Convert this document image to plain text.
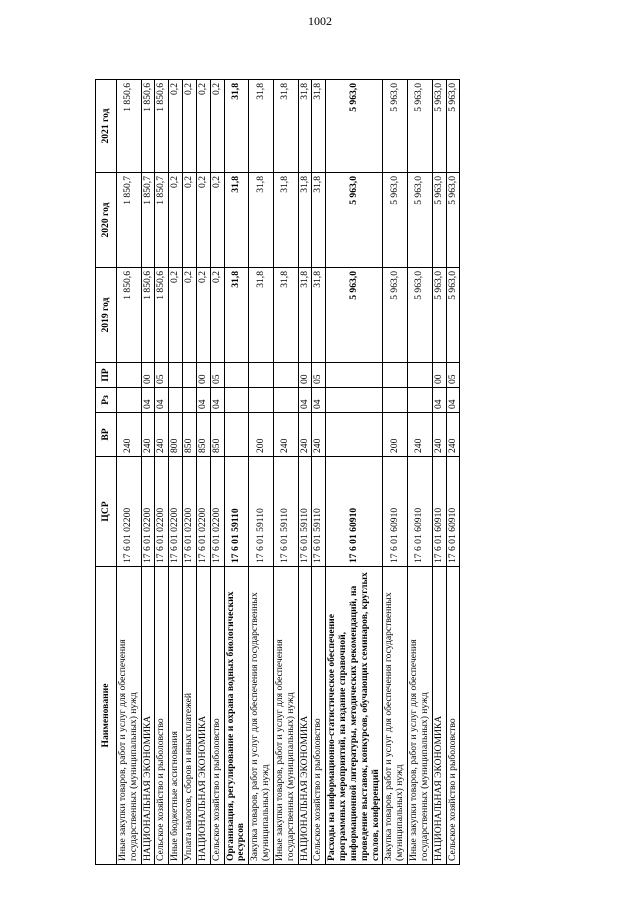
1002
Наименование	ЦСР	ВР	Рз	ПР	2019 год	2020 год	2021 год
Иные закупки товаров, работ и услуг для обеспечения государственных (муниципальных) нужд	17 6 01 02200	240			1 850,6	1 850,7	1 850,6
НАЦИОНАЛЬНАЯ ЭКОНОМИКА	17 6 01 02200	240	04	00	1 850,6	1 850,7	1 850,6
Сельское хозяйство и рыболовство	17 6 01 02200	240	04	05	1 850,6	1 850,7	1 850,6
Иные бюджетные ассигнования	17 6 01 02200	800			0,2	0,2	0,2
Уплата налогов, сборов и иных платежей	17 6 01 02200	850			0,2	0,2	0,2
НАЦИОНАЛЬНАЯ ЭКОНОМИКА	17 6 01 02200	850	04	00	0,2	0,2	0,2
Сельское хозяйство и рыболовство	17 6 01 02200	850	04	05	0,2	0,2	0,2
Организация, регулирование и охрана водных биологических ресурсов	17 6 01 59110				31,8	31,8	31,8
Закупка товаров, работ и услуг для обеспечения государственных (муниципальных) нужд	17 6 01 59110	200			31,8	31,8	31,8
Иные закупки товаров, работ и услуг для обеспечения государственных (муниципальных) нужд	17 6 01 59110	240			31,8	31,8	31,8
НАЦИОНАЛЬНАЯ ЭКОНОМИКА	17 6 01 59110	240	04	00	31,8	31,8	31,8
Сельское хозяйство и рыболовство	17 6 01 59110	240	04	05	31,8	31,8	31,8
Расходы на информационно-статистическое обеспечение программных мероприятий, на издание справочной, информационной литературы, методических рекомендаций, на проведение выставок, конкурсов, обучающих семинаров, круглых столов, конференций	17 6 01 60910				5 963,0	5 963,0	5 963,0
Закупка товаров, работ и услуг для обеспечения государственных (муниципальных) нужд	17 6 01 60910	200			5 963,0	5 963,0	5 963,0
Иные закупки товаров, работ и услуг для обеспечения государственных (муниципальных) нужд	17 6 01 60910	240			5 963,0	5 963,0	5 963,0
НАЦИОНАЛЬНАЯ ЭКОНОМИКА	17 6 01 60910	240	04	00	5 963,0	5 963,0	5 963,0
Сельское хозяйство и рыболовство	17 6 01 60910	240	04	05	5 963,0	5 963,0	5 963,0
